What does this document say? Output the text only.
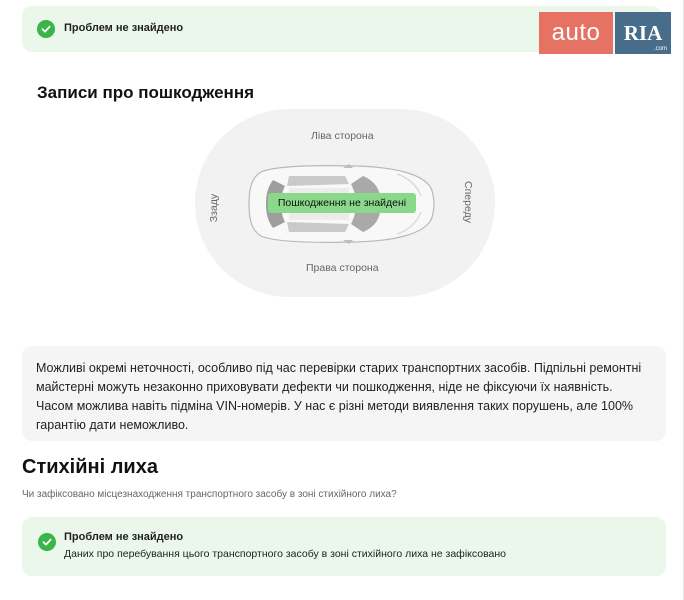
Проблем не знайдено	auto	RIA
.com
Записи про пошкодження
Ліва сторона
Права сторона
Ззаду	Спереду
Пошкодження не знайдені
Можливі окремі неточності, особливо під час перевірки старих транспортних засобів. Підпільні ремонтні майстерні можуть незаконно приховувати дефекти чи пошкодження, ніде не фіксуючи їх наявність. Часом можлива навіть підміна VIN-номерів. У нас є різні методи виявлення таких порушень, але 100% гарантію дати неможливо.
Стихійні лиха
Чи зафіксовано місцезнаходження транспортного засобу в зоні стихійного лиха?
Проблем не знайдено
Даних про перебування цього транспортного засобу в зоні стихійного лиха не зафіксовано
